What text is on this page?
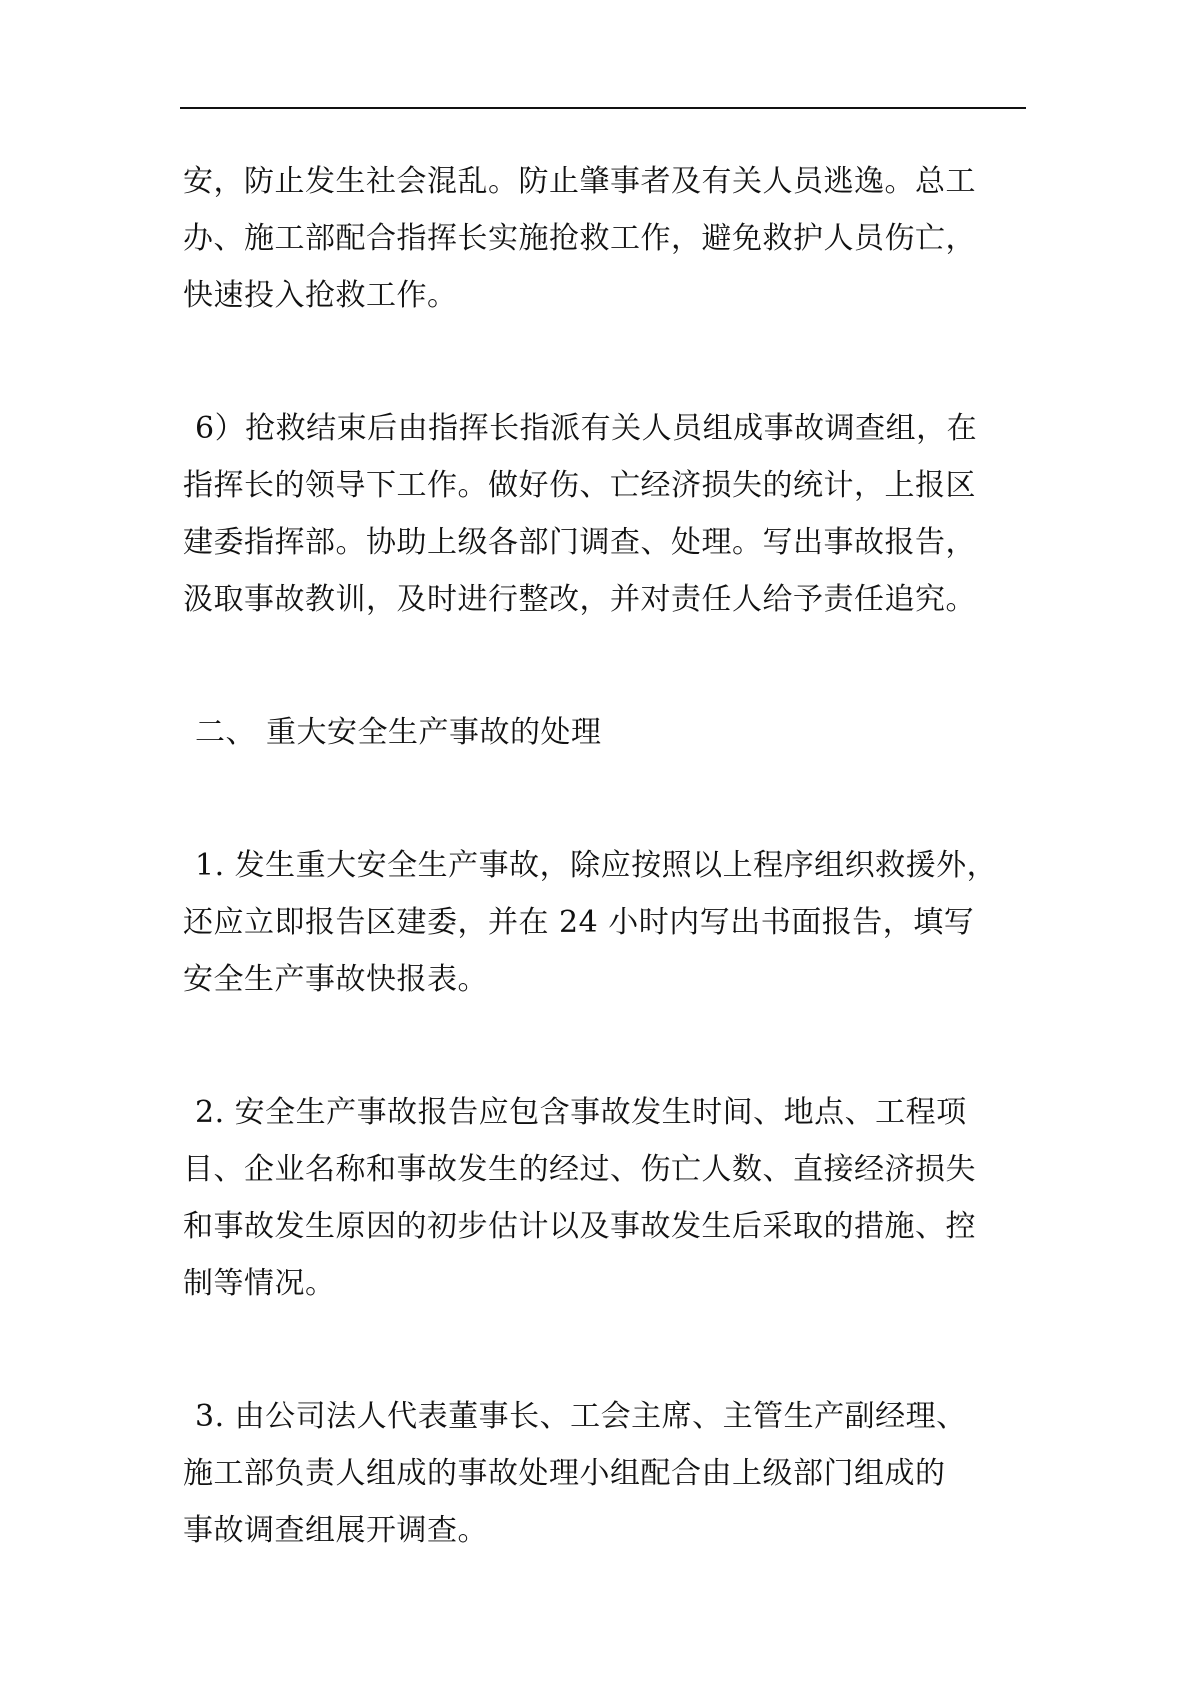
安，防止发生社会混乱。防止肇事者及有关人员逃逸。总工
办、施工部配合指挥长实施抢救工作，避免救护人员伤亡，
快速投入抢救工作。

6）抢救结束后由指挥长指派有关人员组成事故调查组，在
指挥长的领导下工作。做好伤、亡经济损失的统计，上报区
建委指挥部。协助上级各部门调查、处理。写出事故报告，
汲取事故教训，及时进行整改，并对责任人给予责任追究。

二、 重大安全生产事故的处理

1. 发生重大安全生产事故，除应按照以上程序组织救援外，
还应立即报告区建委，并在 24 小时内写出书面报告，填写
安全生产事故快报表。

2. 安全生产事故报告应包含事故发生时间、地点、工程项
目、企业名称和事故发生的经过、伤亡人数、直接经济损失
和事故发生原因的初步估计以及事故发生后采取的措施、控
制等情况。

3. 由公司法人代表董事长、工会主席、主管生产副经理、
施工部负责人组成的事故处理小组配合由上级部门组成的
事故调查组展开调查。
